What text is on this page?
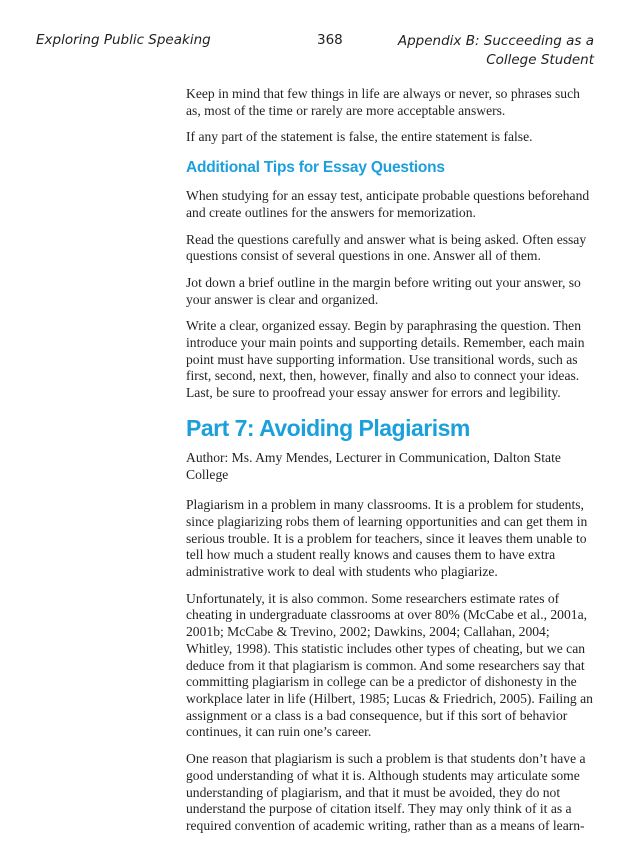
Exploring Public Speaking	368	Appendix B: Succeeding as a
College Student

Keep in mind that few things in life are always or never, so phrases such as, most of the time or rarely are more acceptable answers.

If any part of the statement is false, the entire statement is false.

Additional Tips for Essay Questions

When studying for an essay test, anticipate probable questions beforehand and create outlines for the answers for memorization.

Read the questions carefully and answer what is being asked. Often essay questions consist of several questions in one. Answer all of them.

Jot down a brief outline in the margin before writing out your answer, so your answer is clear and organized.

Write a clear, organized essay. Begin by paraphrasing the question. Then introduce your main points and supporting details. Remember, each main point must have supporting information. Use transitional words, such as first, second, next, then, however, finally and also to connect your ideas. Last, be sure to proofread your essay answer for errors and legibility.

Part 7: Avoiding Plagiarism

Author: Ms. Amy Mendes, Lecturer in Communication, Dalton State College

Plagiarism in a problem in many classrooms. It is a problem for students, since plagiarizing robs them of learning opportunities and can get them in serious trouble. It is a problem for teachers, since it leaves them unable to tell how much a student really knows and causes them to have extra administrative work to deal with students who plagiarize.

Unfortunately, it is also common. Some researchers estimate rates of cheating in undergraduate classrooms at over 80% (McCabe et al., 2001a, 2001b; McCabe & Trevino, 2002; Dawkins, 2004; Callahan, 2004; Whitley, 1998). This statistic includes other types of cheating, but we can deduce from it that plagiarism is common. And some researchers say that committing plagiarism in college can be a predictor of dishonesty in the workplace later in life (Hilbert, 1985; Lucas & Friedrich, 2005). Failing an assignment or a class is a bad consequence, but if this sort of behavior continues, it can ruin one’s career.

One reason that plagiarism is such a problem is that students don’t have a good understanding of what it is. Although students may articulate some understanding of plagiarism, and that it must be avoided, they do not understand the purpose of citation itself. They may only think of it as a required convention of academic writing, rather than as a means of learn-
